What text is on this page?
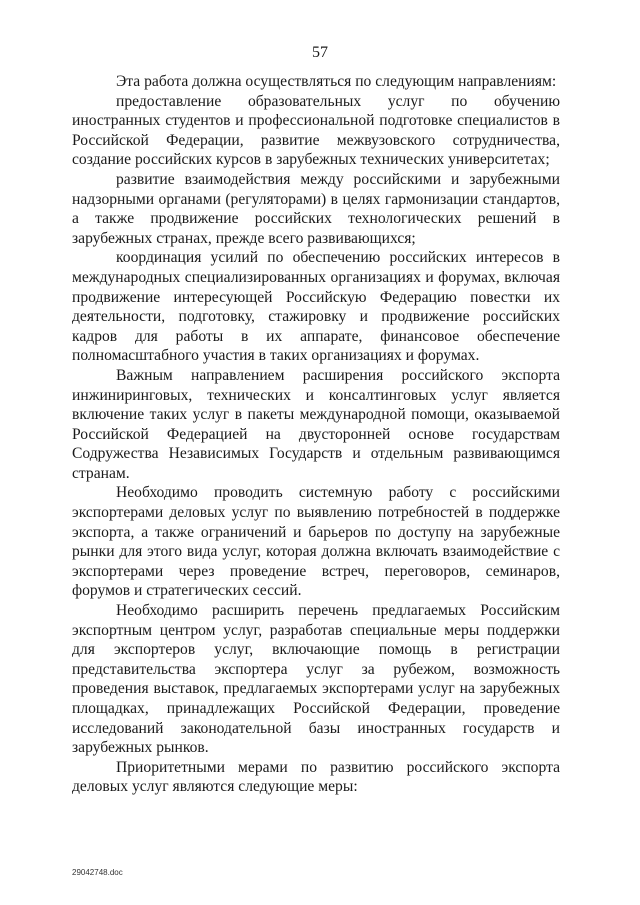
57

Эта работа должна осуществляться по следующим направлениям:

предоставление образовательных услуг по обучению иностранных студентов и профессиональной подготовке специалистов в Российской Федерации, развитие межвузовского сотрудничества, создание российских курсов в зарубежных технических университетах;

развитие взаимодействия между российскими и зарубежными надзорными органами (регуляторами) в целях гармонизации стандартов, а также продвижение российских технологических решений в зарубежных странах, прежде всего развивающихся;

координация усилий по обеспечению российских интересов в международных специализированных организациях и форумах, включая продвижение интересующей Российскую Федерацию повестки их деятельности, подготовку, стажировку и продвижение российских кадров для работы в их аппарате, финансовое обеспечение полномасштабного участия в таких организациях и форумах.

Важным направлением расширения российского экспорта инжиниринговых, технических и консалтинговых услуг является включение таких услуг в пакеты международной помощи, оказываемой Российской Федерацией на двусторонней основе государствам Содружества Независимых Государств и отдельным развивающимся странам.

Необходимо проводить системную работу с российскими экспортерами деловых услуг по выявлению потребностей в поддержке экспорта, а также ограничений и барьеров по доступу на зарубежные рынки для этого вида услуг, которая должна включать взаимодействие с экспортерами через проведение встреч, переговоров, семинаров, форумов и стратегических сессий.

Необходимо расширить перечень предлагаемых Российским экспортным центром услуг, разработав специальные меры поддержки для экспортеров услуг, включающие помощь в регистрации представительства экспортера услуг за рубежом, возможность проведения выставок, предлагаемых экспортерами услуг на зарубежных площадках, принадлежащих Российской Федерации, проведение исследований законодательной базы иностранных государств и зарубежных рынков.

Приоритетными мерами по развитию российского экспорта деловых услуг являются следующие меры:

29042748.doc
